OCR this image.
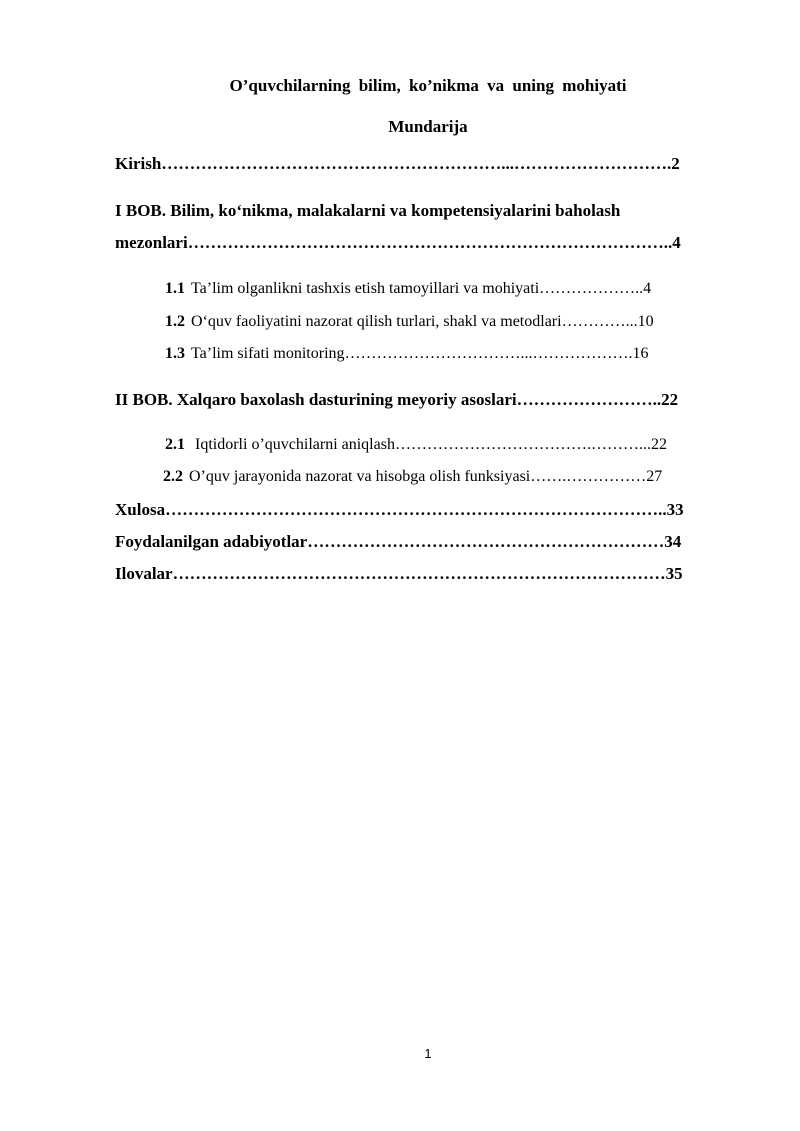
O’quvchilarning bilim, ko’nikma va uning mohiyati
Mundarija
Kirish……………………………………………………...……………………….2
I BOB. Bilim, koʻnikma, malakalarni va kompetensiyalarini baholash
mezonlari…………………………………………………………………………..4
1.1 Ta’lim olganlikni tashxis etish tamoyillari va mohiyati………………..4
1.2 Oʻquv faoliyatini nazorat qilish turlari, shakl va metodlari…………...10
1.3 Ta’lim sifati monitoring……………………………...……………….16
II BOB. Xalqaro baxolash dasturining meyoriy asoslari……………………..22
2.1 Iqtidorli o’quvchilarni aniqlash……………………………….………...22
2.2 O’quv jarayonida nazorat va hisobga olish funksiyasi…….……………27
Xulosa……………………………………………………………………………..33
Foydalanilgan adabiyotlar………………………………………………………34
Ilovalar……………………………………………………………………………35
1
